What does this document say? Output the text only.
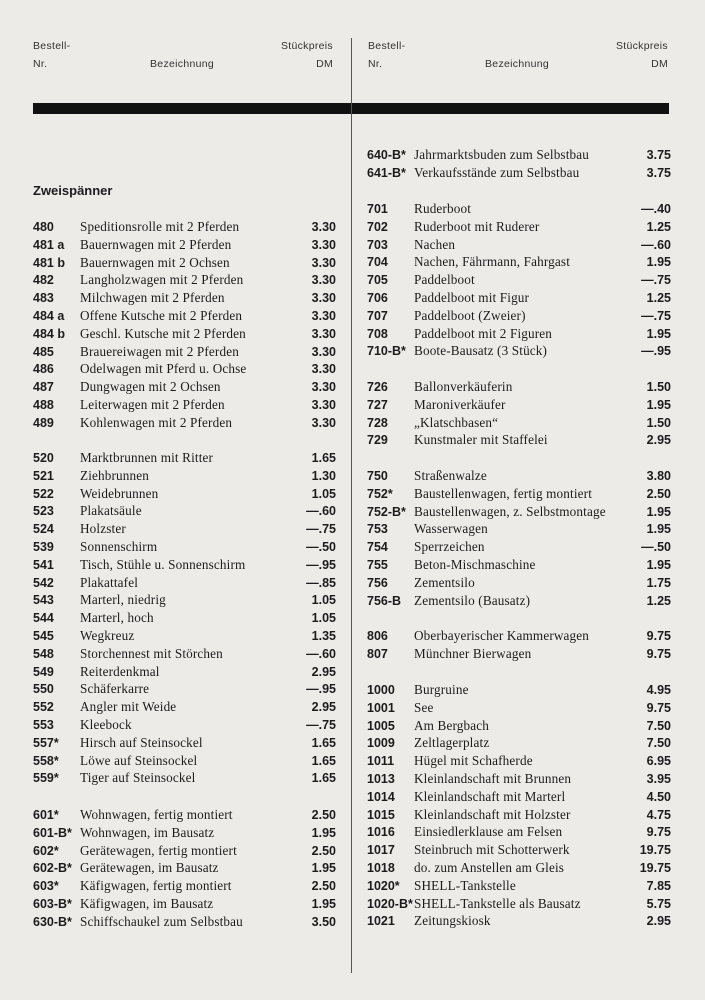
Bestell-
Nr.	Bezeichnung
Stückpreis
DM
Bestell-
Nr.	Bezeichnung
Stückpreis
DM
Zweispänner
480 Speditionsrolle mit 2 Pferden	3.30
481 a Bauernwagen mit 2 Pferden	3.30
481 b Bauernwagen mit 2 Ochsen	3.30
482 Langholzwagen mit 2 Pferden	3.30
483 Milchwagen mit 2 Pferden	3.30
484 a Offene Kutsche mit 2 Pferden	3.30
484 b Geschl. Kutsche mit 2 Pferden	3.30
485 Brauereiwagen mit 2 Pferden	3.30
486 Odelwagen mit Pferd u. Ochse	3.30
487 Dungwagen mit 2 Ochsen	3.30
488 Leiterwagen mit 2 Pferden	3.30
489 Kohlenwagen mit 2 Pferden	3.30
520 Marktbrunnen mit Ritter	1.65
521 Ziehbrunnen	1.30
522 Weidebrunnen	1.05
523 Plakatsäule	—.60
524 Holzster	—.75
539 Sonnenschirm	—.50
541 Tisch, Stühle u. Sonnenschirm	—.95
542 Plakattafel	—.85
543 Marterl, niedrig	1.05
544 Marterl, hoch	1.05
545 Wegkreuz	1.35
548 Storchennest mit Störchen	—.60
549 Reiterdenkmal	2.95
550 Schäferkarre	—.95
552 Angler mit Weide	2.95
553 Kleebock	—.75
557* Hirsch auf Steinsockel	1.65
558* Löwe auf Steinsockel	1.65
559* Tiger auf Steinsockel	1.65
601* Wohnwagen, fertig montiert	2.50
601-B* Wohnwagen, im Bausatz	1.95
602* Gerätewagen, fertig montiert	2.50
602-B* Gerätewagen, im Bausatz	1.95
603* Käfigwagen, fertig montiert	2.50
603-B* Käfigwagen, im Bausatz	1.95
630-B* Schiffschaukel zum Selbstbau	3.50
640-B* Jahrmarktsbuden zum Selbstbau	3.75
641-B* Verkaufsstände zum Selbstbau	3.75
701 Ruderboot	—.40
702 Ruderboot mit Ruderer	1.25
703 Nachen	—.60
704 Nachen, Fährmann, Fahrgast	1.95
705 Paddelboot	—.75
706 Paddelboot mit Figur	1.25
707 Paddelboot (Zweier)	—.75
708 Paddelboot mit 2 Figuren	1.95
710-B* Boote-Bausatz (3 Stück)	—.95
726 Ballonverkäuferin	1.50
727 Maroniverkäufer	1.95
728 „Klatschbasen“	1.50
729 Kunstmaler mit Staffelei	2.95
750 Straßenwalze	3.80
752* Baustellenwagen, fertig montiert	2.50
752-B* Baustellenwagen, z. Selbstmontage	1.95
753 Wasserwagen	1.95
754 Sperrzeichen	—.50
755 Beton-Mischmaschine	1.95
756 Zementsilo	1.75
756-B Zementsilo (Bausatz)	1.25
806 Oberbayerischer Kammerwagen	9.75
807 Münchner Bierwagen	9.75
1000 Burgruine	4.95
1001 See	9.75
1005 Am Bergbach	7.50
1009 Zeltlagerplatz	7.50
1011 Hügel mit Schafherde	6.95
1013 Kleinlandschaft mit Brunnen	3.95
1014 Kleinlandschaft mit Marterl	4.50
1015 Kleinlandschaft mit Holzster	4.75
1016 Einsiedlerklause am Felsen	9.75
1017 Steinbruch mit Schotterwerk	19.75
1018 do. zum Anstellen am Gleis	19.75
1020* SHELL-Tankstelle	7.85
1020-B* SHELL-Tankstelle als Bausatz	5.75
1021 Zeitungskiosk	2.95
